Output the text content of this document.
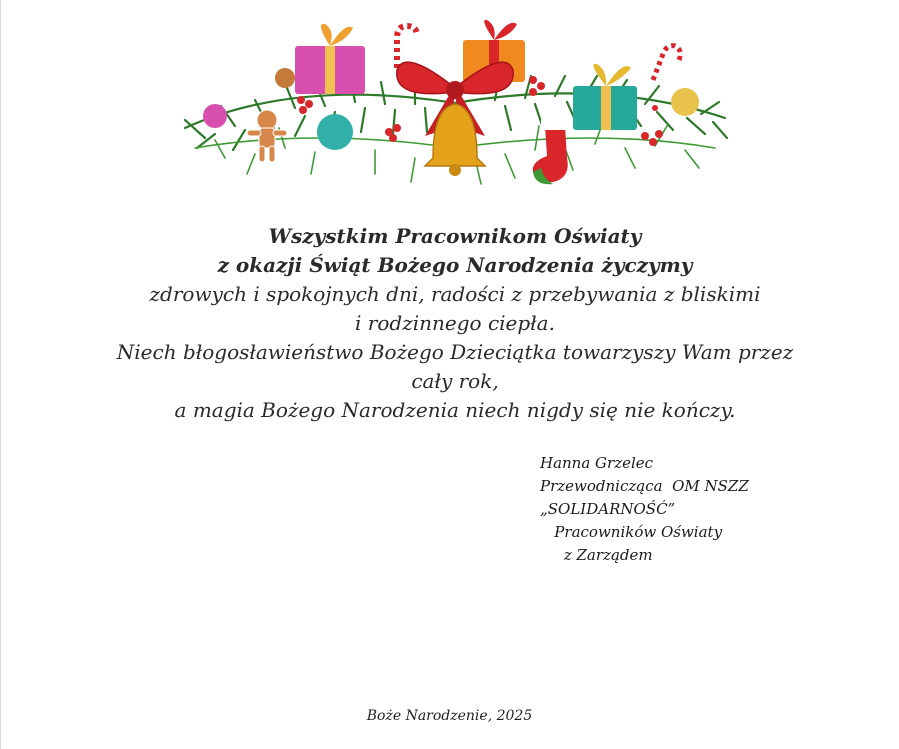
Wszystkim Pracownikom Oświaty
z okazji Świąt Bożego Narodzenia życzymy
zdrowych i spokojnych dni, radości z przebywania z bliskimi
i rodzinnego ciepła.
Niech błogosławieństwo Bożego Dzieciątka towarzyszy Wam przez
cały rok,
a magia Bożego Narodzenia niech nigdy się nie kończy.
Hanna Grzelec
Przewodnicząca  OM NSZZ
„SOLIDARNOŚĆ”
Pracowników Oświaty
z Zarządem
Boże Narodzenie, 2025
